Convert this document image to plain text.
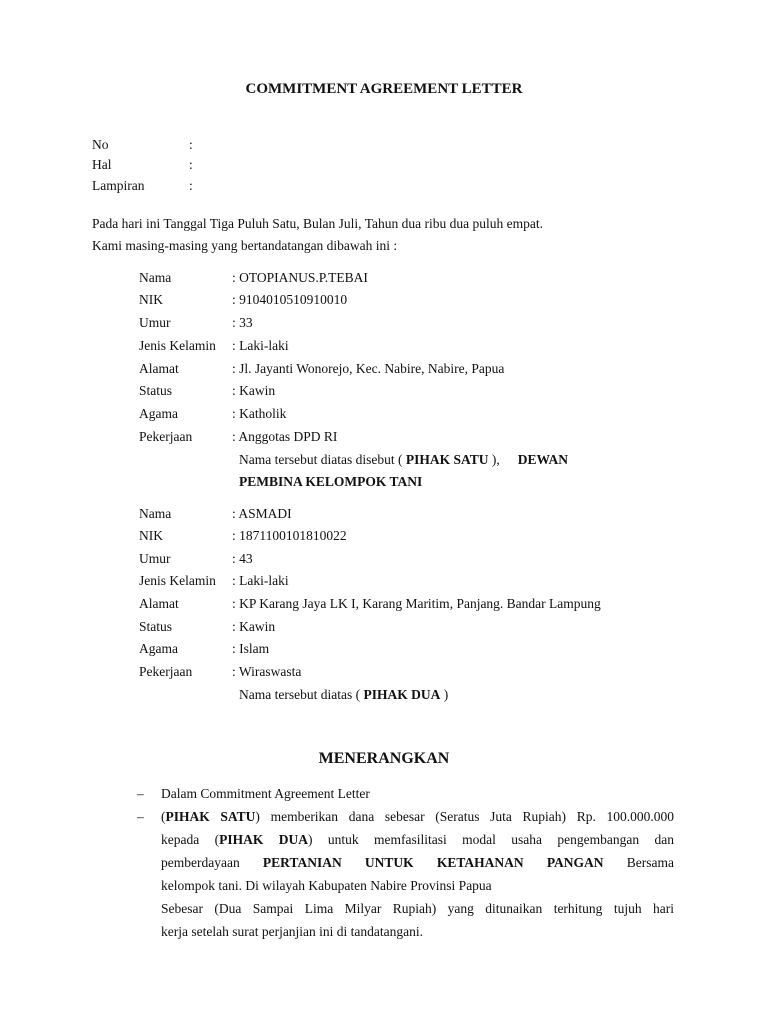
COMMITMENT AGREEMENT LETTER
No	:
Hal	:
Lampiran	:
Pada hari ini Tanggal Tiga Puluh Satu, Bulan Juli, Tahun dua ribu dua puluh empat.
Kami masing-masing yang bertandatangan dibawah ini :
Nama	: OTOPIANUS.P.TEBAI
NIK	: 9104010510910010
Umur	: 33
Jenis Kelamin : Laki-laki
Alamat	: Jl. Jayanti Wonorejo, Kec. Nabire, Nabire, Papua
Status	: Kawin
Agama	: Katholik
Pekerjaan	: Anggotas DPD RI
Nama tersebut diatas disebut ( PIHAK SATU ), DEWAN
PEMBINA KELOMPOK TANI
Nama	: ASMADI
NIK	: 1871100101810022
Umur	: 43
Jenis Kelamin : Laki-laki
Alamat	: KP Karang Jaya LK I, Karang Maritim, Panjang. Bandar Lampung
Status	: Kawin
Agama	: Islam
Pekerjaan	: Wiraswasta
Nama tersebut diatas ( PIHAK DUA )
MENERANGKAN
– Dalam Commitment Agreement Letter
– (PIHAK SATU) memberikan dana sebesar (Seratus Juta Rupiah) Rp. 100.000.000
kepada (PIHAK DUA) untuk memfasilitasi modal usaha pengembangan dan
pemberdayaan PERTANIAN UNTUK KETAHANAN PANGAN Bersama
kelompok tani. Di wilayah Kabupaten Nabire Provinsi Papua
Sebesar (Dua Sampai Lima Milyar Rupiah) yang ditunaikan terhitung tujuh hari
kerja setelah surat perjanjian ini di tandatangani.
